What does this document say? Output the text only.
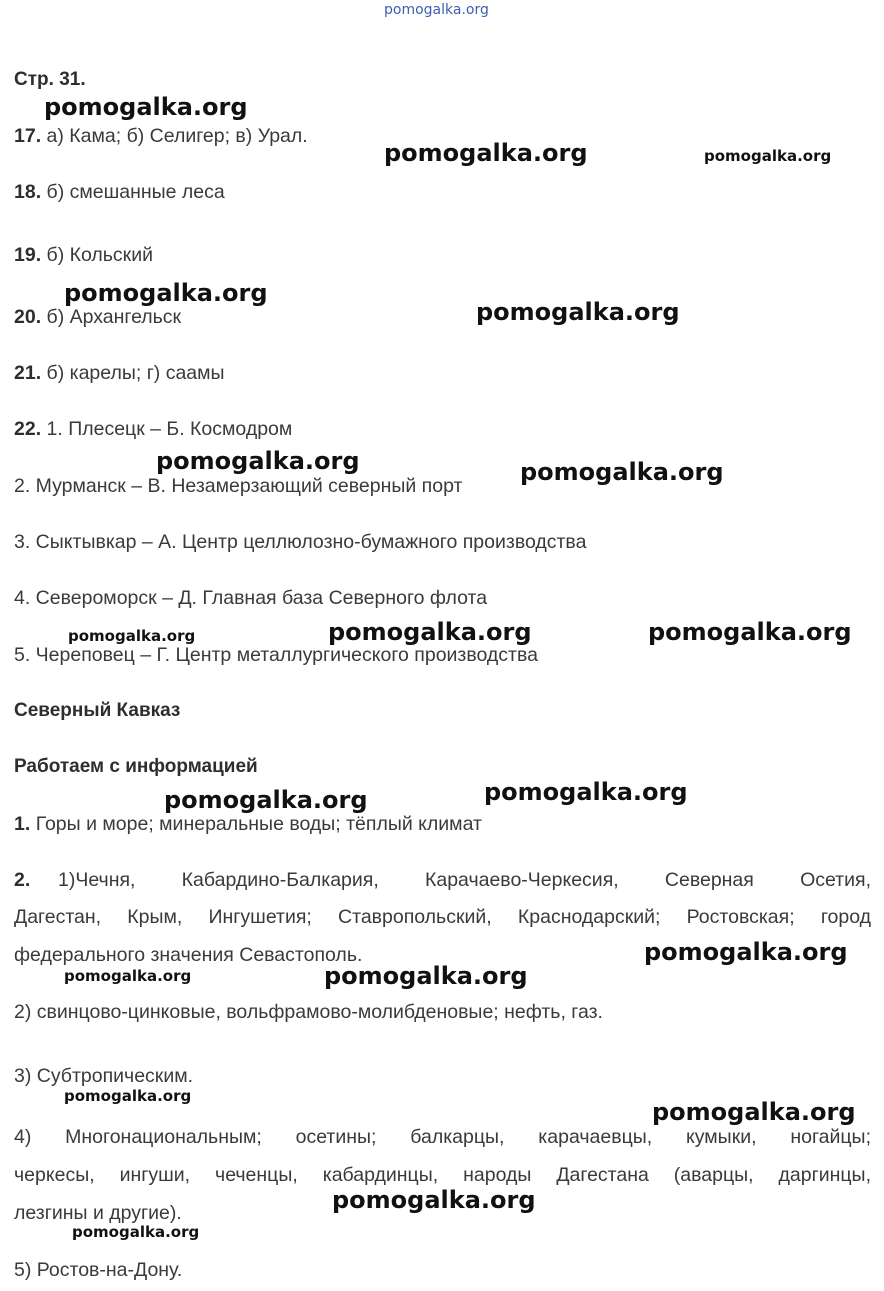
pomogalka.org
pomogalka.org
pomogalka.org	pomogalka.org
pomogalka.org
pomogalka.org
pomogalka.org	pomogalka.org
pomogalka.org	pomogalka.org	pomogalka.org
pomogalka.org	pomogalka.org
pomogalka.org
pomogalka.org	pomogalka.org
pomogalka.org
pomogalka.org
pomogalka.org
pomogalka.org
Стр. 31.
17. а) Кама; б) Селигер; в) Урал.
18. б) смешанные леса
19. б) Кольский
20. б) Архангельск
21. б) карелы; г) саамы
22. 1. Плесецк – Б. Космодром
2. Мурманск – В. Незамерзающий северный порт
3. Сыктывкар – А. Центр целлюлозно-бумажного производства
4. Североморск – Д. Главная база Северного флота
5. Череповец – Г. Центр металлургического производства
Северный Кавказ
Работаем с информацией
1. Горы и море; минеральные воды; тёплый климат
2. 1)Чечня, Кабардино-Балкария, Карачаево-Черкесия, Северная Осетия,
Дагестан, Крым, Ингушетия; Ставропольский, Краснодарский; Ростовская; город
федерального значения Севастополь.
2) свинцово-цинковые, вольфрамово-молибденовые; нефть, газ.
3) Субтропическим.
4) Многонациональным; осетины; балкарцы, карачаевцы, кумыки, ногайцы;
черкесы, ингуши, чеченцы, кабардинцы, народы Дагестана (аварцы, даргинцы,
лезгины и другие).
5) Ростов-на-Дону.
